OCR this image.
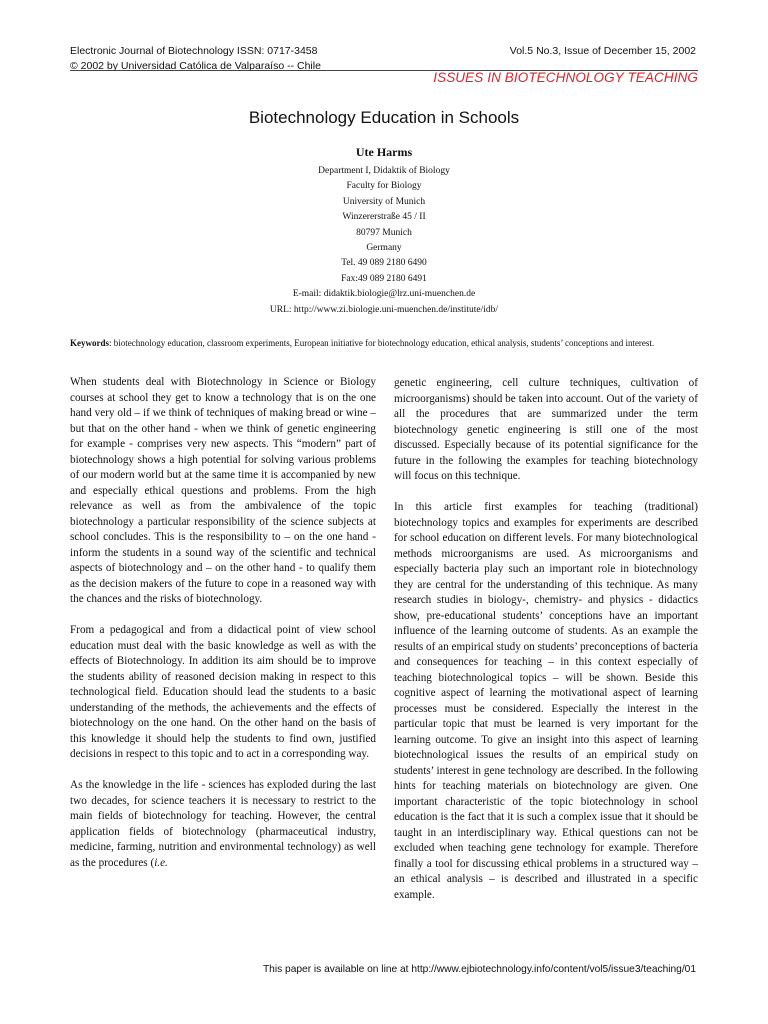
Electronic Journal of Biotechnology ISSN: 0717-3458
© 2002 by Universidad Católica de Valparaíso -- Chile
Vol.5 No.3, Issue of December 15, 2002
ISSUES IN BIOTECHNOLOGY TEACHING
Biotechnology Education in Schools
Ute Harms
Department I, Didaktik of Biology
Faculty for Biology
University of Munich
Winzererstraße 45 / II
80797 Munich
Germany
Tel. 49 089 2180 6490
Fax:49 089 2180 6491
E-mail: didaktik.biologie@lrz.uni-muenchen.de
URL: http://www.zi.biologie.uni-muenchen.de/institute/idb/
Keywords: biotechnology education, classroom experiments, European initiative for biotechnology education, ethical analysis, students’ conceptions and interest.

When students deal with Biotechnology in Science or Biology courses at school they get to know a technology that is on the one hand very old – if we think of techniques of making bread or wine – but that on the other hand - when we think of genetic engineering for example - comprises very new aspects. This “modern” part of biotechnology shows a high potential for solving various problems of our modern world but at the same time it is accompanied by new and especially ethical questions and problems. From the high relevance as well as from the ambivalence of the topic biotechnology a particular responsibility of the science subjects at school concludes. This is the responsibility to – on the one hand - inform the students in a sound way of the scientific and technical aspects of biotechnology and – on the other hand - to qualify them as the decision makers of the future to cope in a reasoned way with the chances and the risks of biotechnology.

From a pedagogical and from a didactical point of view school education must deal with the basic knowledge as well as with the effects of Biotechnology. In addition its aim should be to improve the students ability of reasoned decision making in respect to this technological field. Education should lead the students to a basic understanding of the methods, the achievements and the effects of biotechnology on the one hand. On the other hand on the basis of this knowledge it should help the students to find own, justified decisions in respect to this topic and to act in a corresponding way.

As the knowledge in the life - sciences has exploded during the last two decades, for science teachers it is necessary to restrict to the main fields of biotechnology for teaching. However, the central application fields of biotechnology (pharmaceutical industry, medicine, farming, nutrition and environmental technology) as well as the procedures (i.e.

genetic engineering, cell culture techniques, cultivation of microorganisms) should be taken into account. Out of the variety of all the procedures that are summarized under the term biotechnology genetic engineering is still one of the most discussed. Especially because of its potential significance for the future in the following the examples for teaching biotechnology will focus on this technique.

In this article first examples for teaching (traditional) biotechnology topics and examples for experiments are described for school education on different levels. For many biotechnological methods microorganisms are used. As microorganisms and especially bacteria play such an important role in biotechnology they are central for the understanding of this technique. As many research studies in biology-, chemistry- and physics - didactics show, pre-educational students’ conceptions have an important influence of the learning outcome of students. As an example the results of an empirical study on students’ preconceptions of bacteria and consequences for teaching – in this context especially of teaching biotechnological topics – will be shown. Beside this cognitive aspect of learning the motivational aspect of learning processes must be considered. Especially the interest in the particular topic that must be learned is very important for the learning outcome. To give an insight into this aspect of learning biotechnological issues the results of an empirical study on students’ interest in gene technology are described. In the following hints for teaching materials on biotechnology are given. One important characteristic of the topic biotechnology in school education is the fact that it is such a complex issue that it should be taught in an interdisciplinary way. Ethical questions can not be excluded when teaching gene technology for example. Therefore finally a tool for discussing ethical problems in a structured way – an ethical analysis – is described and illustrated in a specific example.

This paper is available on line at http://www.ejbiotechnology.info/content/vol5/issue3/teaching/01
